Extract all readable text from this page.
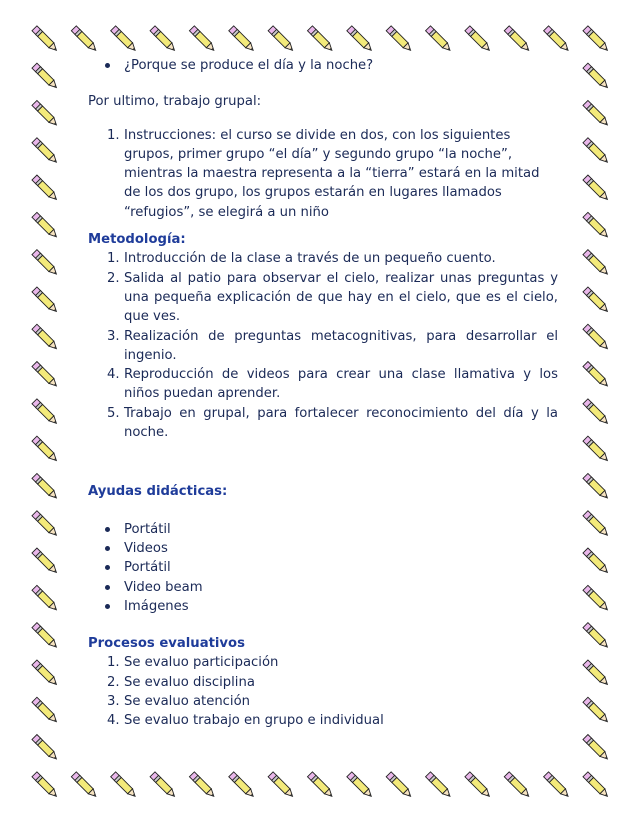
¿Porque se produce el día y la noche?

Por ultimo, trabajo grupal:

1. Instrucciones: el curso se divide en dos, con los siguientes grupos, primer grupo “el día” y segundo grupo “la noche”, mientras la maestra representa a la “tierra” estará en la mitad de los dos grupo, los grupos estarán en lugares llamados “refugios”, se elegirá a un niño

Metodología:

1. Introducción de la clase a través de un pequeño cuento.
2. Salida al patio para observar el cielo, realizar unas preguntas y una pequeña explicación de que hay en el cielo, que es el cielo, que ves.
3. Realización de preguntas metacognitivas, para desarrollar el ingenio.
4. Reproducción de videos para crear una clase llamativa y los niños puedan aprender.
5. Trabajo en grupal, para fortalecer reconocimiento del día y la noche.

Ayudas didácticas:

Portátil
Videos
Portátil
Video beam
Imágenes

Procesos evaluativos

1. Se evaluo participación
2. Se evaluo disciplina
3. Se evaluo atención
4. Se evaluo trabajo en grupo e individual
